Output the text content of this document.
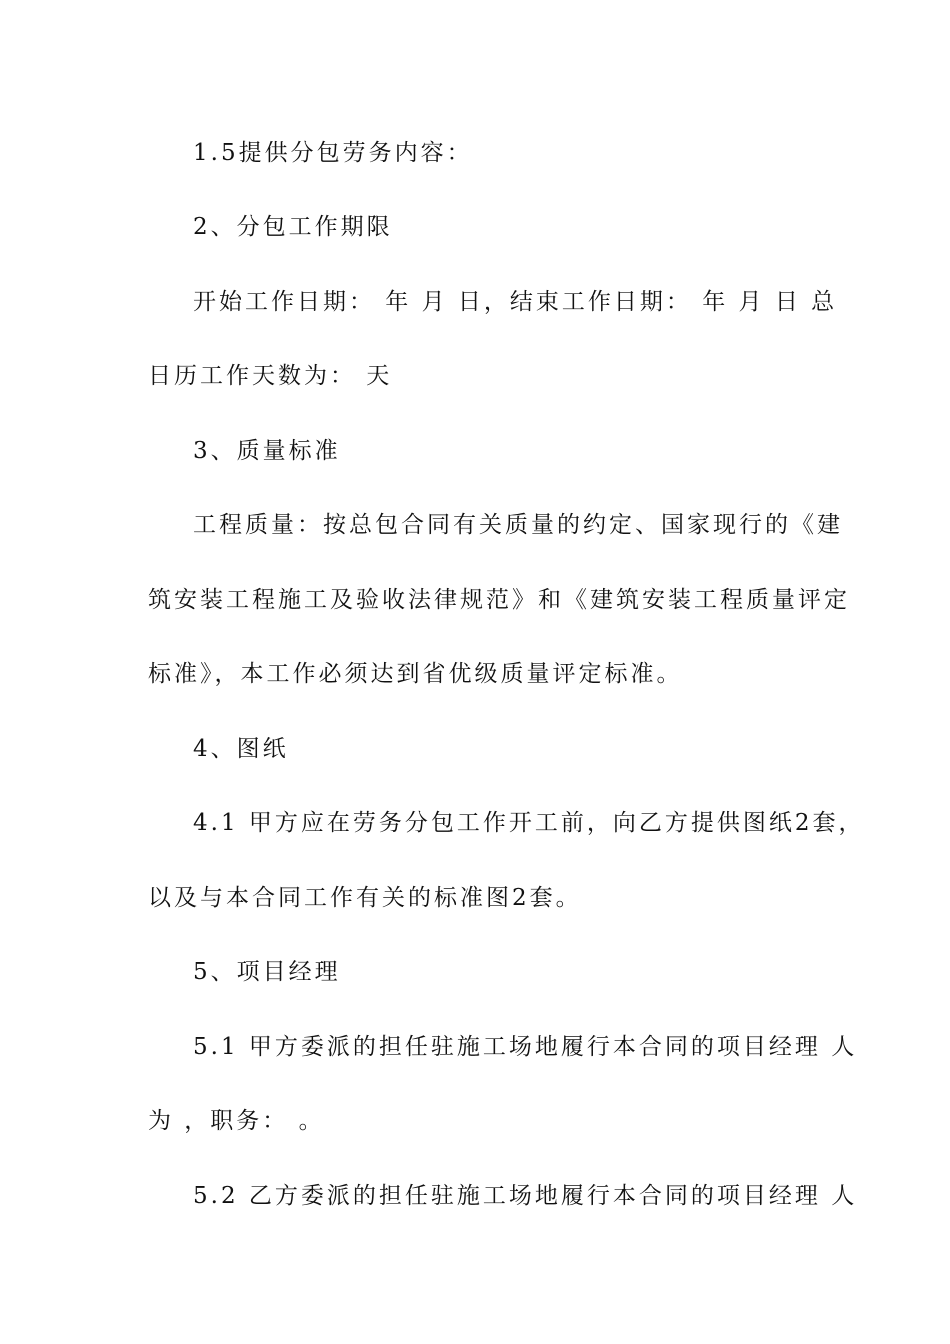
1.5提供分包劳务内容：
2、分包工作期限
开始工作日期： 年 月 日，结束工作日期： 年 月 日 总
日历工作天数为： 天
3、质量标准
工程质量：按总包合同有关质量的约定、国家现行的《建
筑安装工程施工及验收法律规范》和《建筑安装工程质量评定
标准》，本工作必须达到省优级质量评定标准。
4、图纸
4.1 甲方应在劳务分包工作开工前，向乙方提供图纸2套，
以及与本合同工作有关的标准图2套。
5、项目经理
5.1 甲方委派的担任驻施工场地履行本合同的项目经理 人
为 ，职务： 。
5.2 乙方委派的担任驻施工场地履行本合同的项目经理 人
